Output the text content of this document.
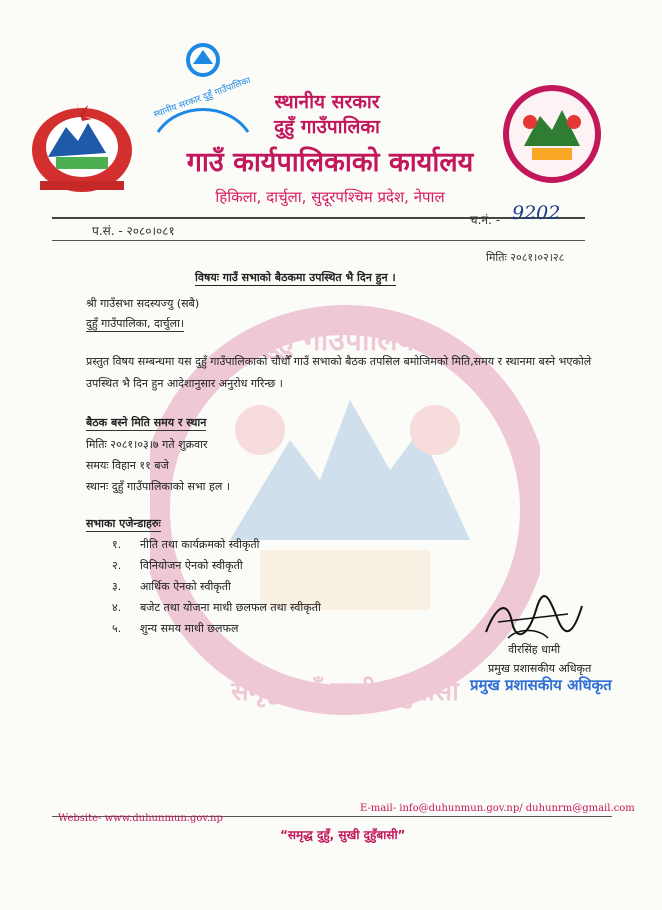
दुहुँ गाउँपालिका
समृद्ध दुहुँ सुखी दुहुँबासी
स्थानीय सरकार दुहुँ गाउँपालिका	स्थानीय सरकार
दुहुँ गाउँपालिका
गाउँ कार्यपालिकाको कार्यालय
हिकिला, दार्चुला, सुदूरपश्चिम प्रदेश, नेपाल
प.सं. - २०८०।०८१
च.नं. - 9202
मितिः २०८१।०२।२८
विषयः गाउँ सभाको बैठकमा उपस्थित भै दिन हुन ।
श्री गाउँसभा सदस्यज्यु (सबै)
दुहुँ गाउँपालिका, दार्चुला।
प्रस्तुत विषय सम्बन्धमा यस दुहुँ गाउँपालिकाको चौधौँ गाउँ सभाको बैठक तपसिल बमोजिमको मिति,समय र स्थानमा बस्ने भएकोले उपस्थित भै दिन हुन आदेशानुसार अनुरोध गरिन्छ ।
बैठक बस्ने मिति समय र स्थान
मितिः २०८१।०३।७ गते शुक्रवार
समयः विहान ११ बजे
स्थानः दुहुँ गाउँपालिकाको सभा हल ।
सभाका एजेन्डाहरुः
१. नीति तथा कार्यक्रमको स्वीकृती
२. विनियोजन ऐनको स्वीकृती
३. आर्थिक ऐनको स्वीकृती
४. बजेट तथा योजना माथी छलफल तथा स्वीकृती
५. शुन्य समय माथी छलफल
वीरसिंह धामी
प्रमुख प्रशासकीय अधिकृत
प्रमुख प्रशासकीय अधिकृत
E-mail- info@duhunmun.gov.np/ duhunrm@gmail.com
Website- www.duhunmun.gov.np
“समृद्ध दुहुँ, सुखी दुहुँबासी”
